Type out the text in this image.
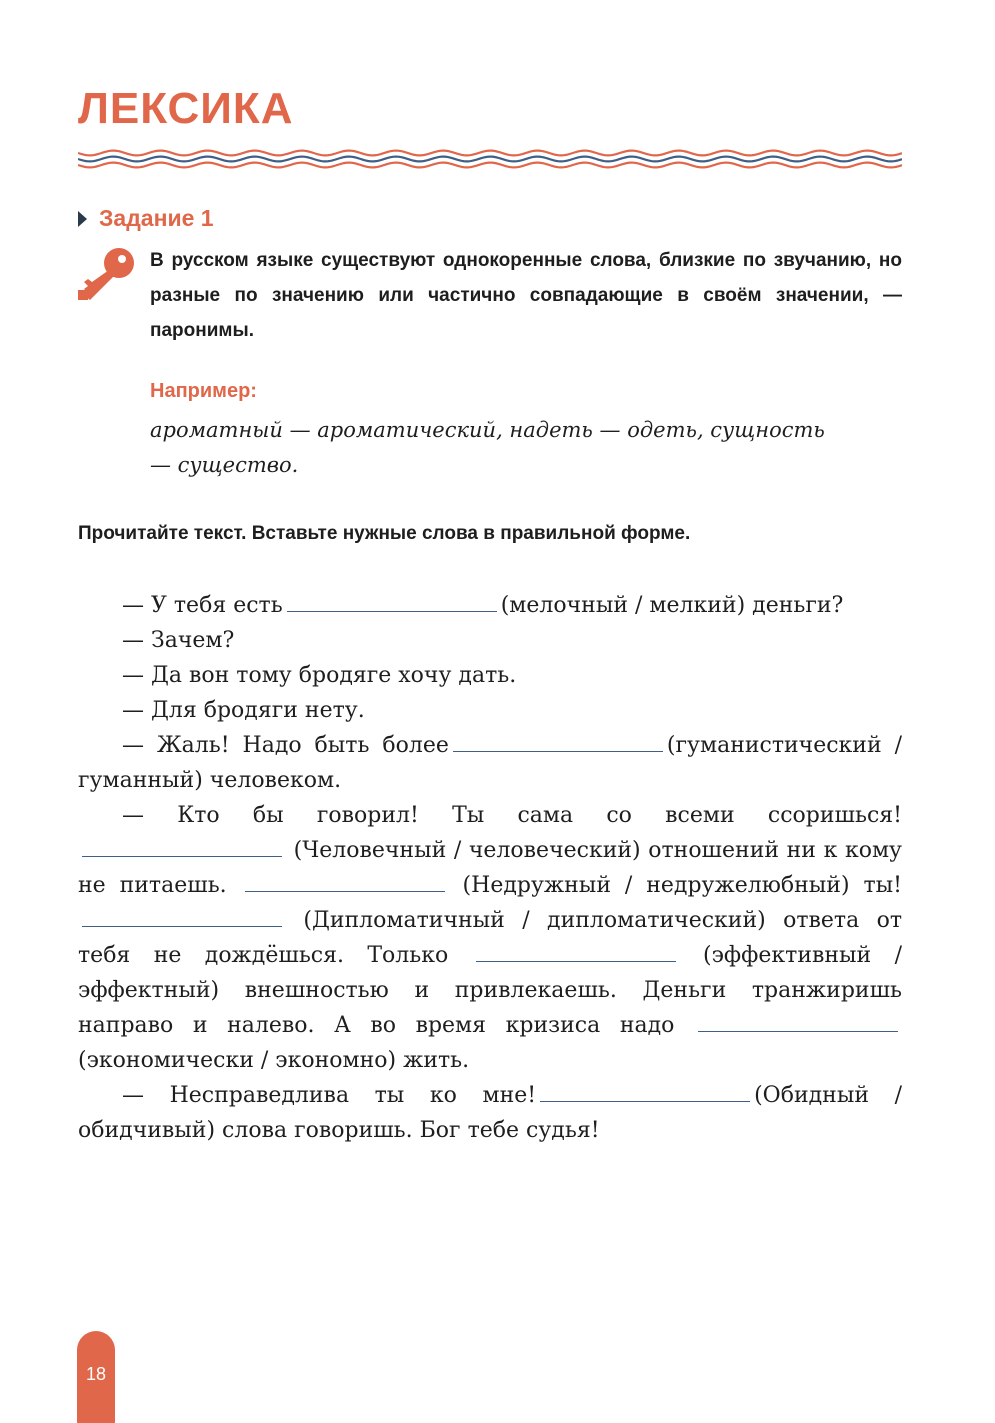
ЛЕКСИКА
Задание 1

В русском языке существуют однокоренные слова, близкие по звучанию, но разные по значению или частично совпадающие в своём значении, — паронимы.

Например:

ароматный — ароматический, надеть — одеть, сущность — существо.

Прочитайте текст. Вставьте нужные слова в правильной форме.

— У тебя есть	(мелочный / мелкий) деньги?

— Зачем?

— Да вон тому бродяге хочу дать.

— Для бродяги нету.

— Жаль! Надо быть более	(гуманистический / гуманный) человеком.

— Кто бы говорил! Ты сама со всеми ссоришься!  (Человечный / человеческий) отношений ни к кому не питаешь.	(Недружный / недружелюбный) ты!  (Дипломатичный / дипломатический) ответа от тебя не дождёшься. Только	(эффективный / эффектный) внешностью и привлекаешь. Деньги транжиришь направо и налево. А во время кризиса надо  (экономически / экономно) жить.

— Несправедлива ты ко мне!	(Обидный / обидчивый) слова говоришь. Бог тебе судья!

18
